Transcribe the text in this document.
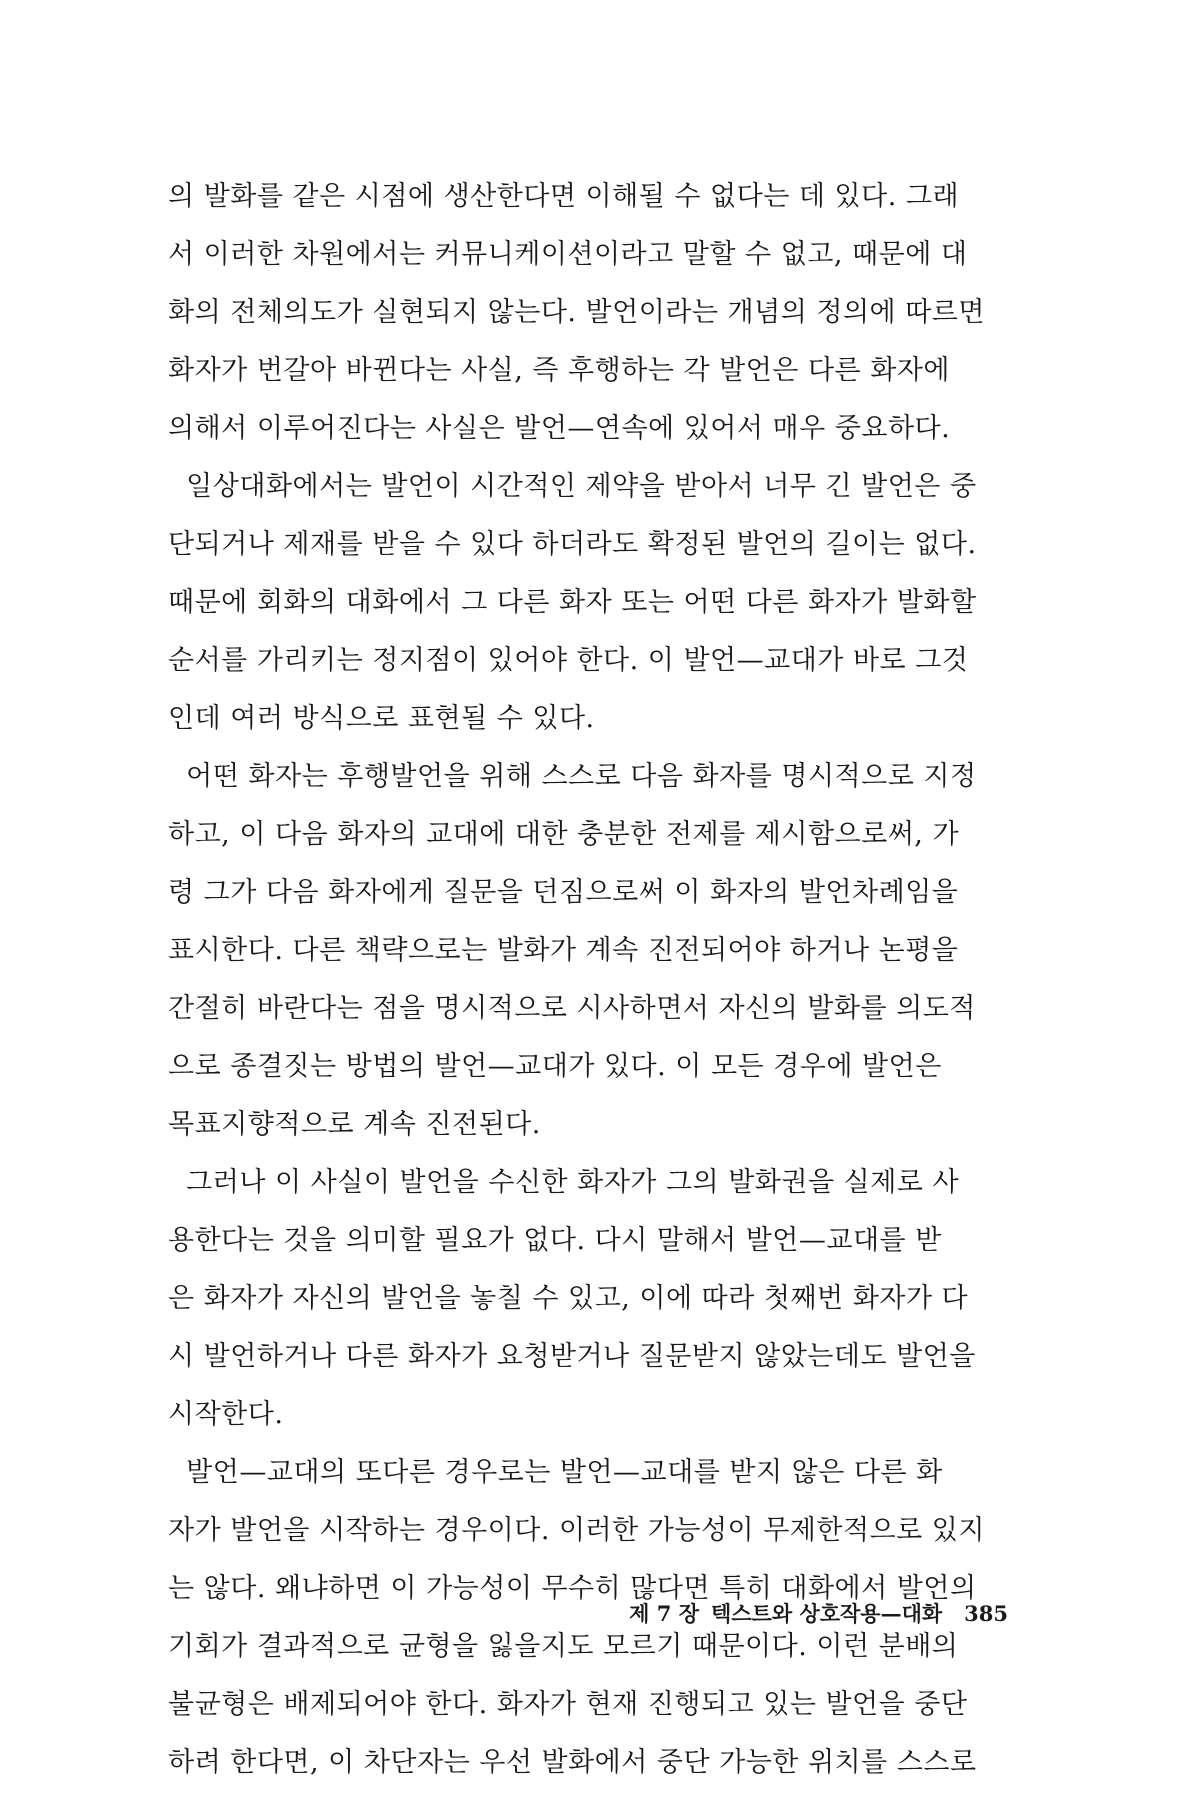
의 발화를 같은 시점에 생산한다면 이해될 수 없다는 데 있다. 그래
서 이러한 차원에서는 커뮤니케이션이라고 말할 수 없고, 때문에 대
화의 전체의도가 실현되지 않는다. 발언이라는 개념의 정의에 따르면
화자가 번갈아 바뀐다는 사실, 즉 후행하는 각 발언은 다른 화자에
의해서 이루어진다는 사실은 발언—연속에 있어서 매우 중요하다.
일상대화에서는 발언이 시간적인 제약을 받아서 너무 긴 발언은 중
단되거나 제재를 받을 수 있다 하더라도 확정된 발언의 길이는 없다.
때문에 회화의 대화에서 그 다른 화자 또는 어떤 다른 화자가 발화할
순서를 가리키는 정지점이 있어야 한다. 이 발언—교대가 바로 그것
인데 여러 방식으로 표현될 수 있다.
어떤 화자는 후행발언을 위해 스스로 다음 화자를 명시적으로 지정
하고, 이 다음 화자의 교대에 대한 충분한 전제를 제시함으로써, 가
령 그가 다음 화자에게 질문을 던짐으로써 이 화자의 발언차례임을
표시한다. 다른 책략으로는 발화가 계속 진전되어야 하거나 논평을
간절히 바란다는 점을 명시적으로 시사하면서 자신의 발화를 의도적
으로 종결짓는 방법의 발언—교대가 있다. 이 모든 경우에 발언은
목표지향적으로 계속 진전된다.
그러나 이 사실이 발언을 수신한 화자가 그의 발화권을 실제로 사
용한다는 것을 의미할 필요가 없다. 다시 말해서 발언—교대를 받
은 화자가 자신의 발언을 놓칠 수 있고, 이에 따라 첫째번 화자가 다
시 발언하거나 다른 화자가 요청받거나 질문받지 않았는데도 발언을
시작한다.
발언—교대의 또다른 경우로는 발언—교대를 받지 않은 다른 화
자가 발언을 시작하는 경우이다. 이러한 가능성이 무제한적으로 있지
는 않다. 왜냐하면 이 가능성이 무수히 많다면 특히 대화에서 발언의
기회가 결과적으로 균형을 잃을지도 모르기 때문이다. 이런 분배의
불균형은 배제되어야 한다. 화자가 현재 진행되고 있는 발언을 중단
하려 한다면, 이 차단자는 우선 발화에서 중단 가능한 위치를 스스로
제 7 장 텍스트와 상호작용—대화 385
